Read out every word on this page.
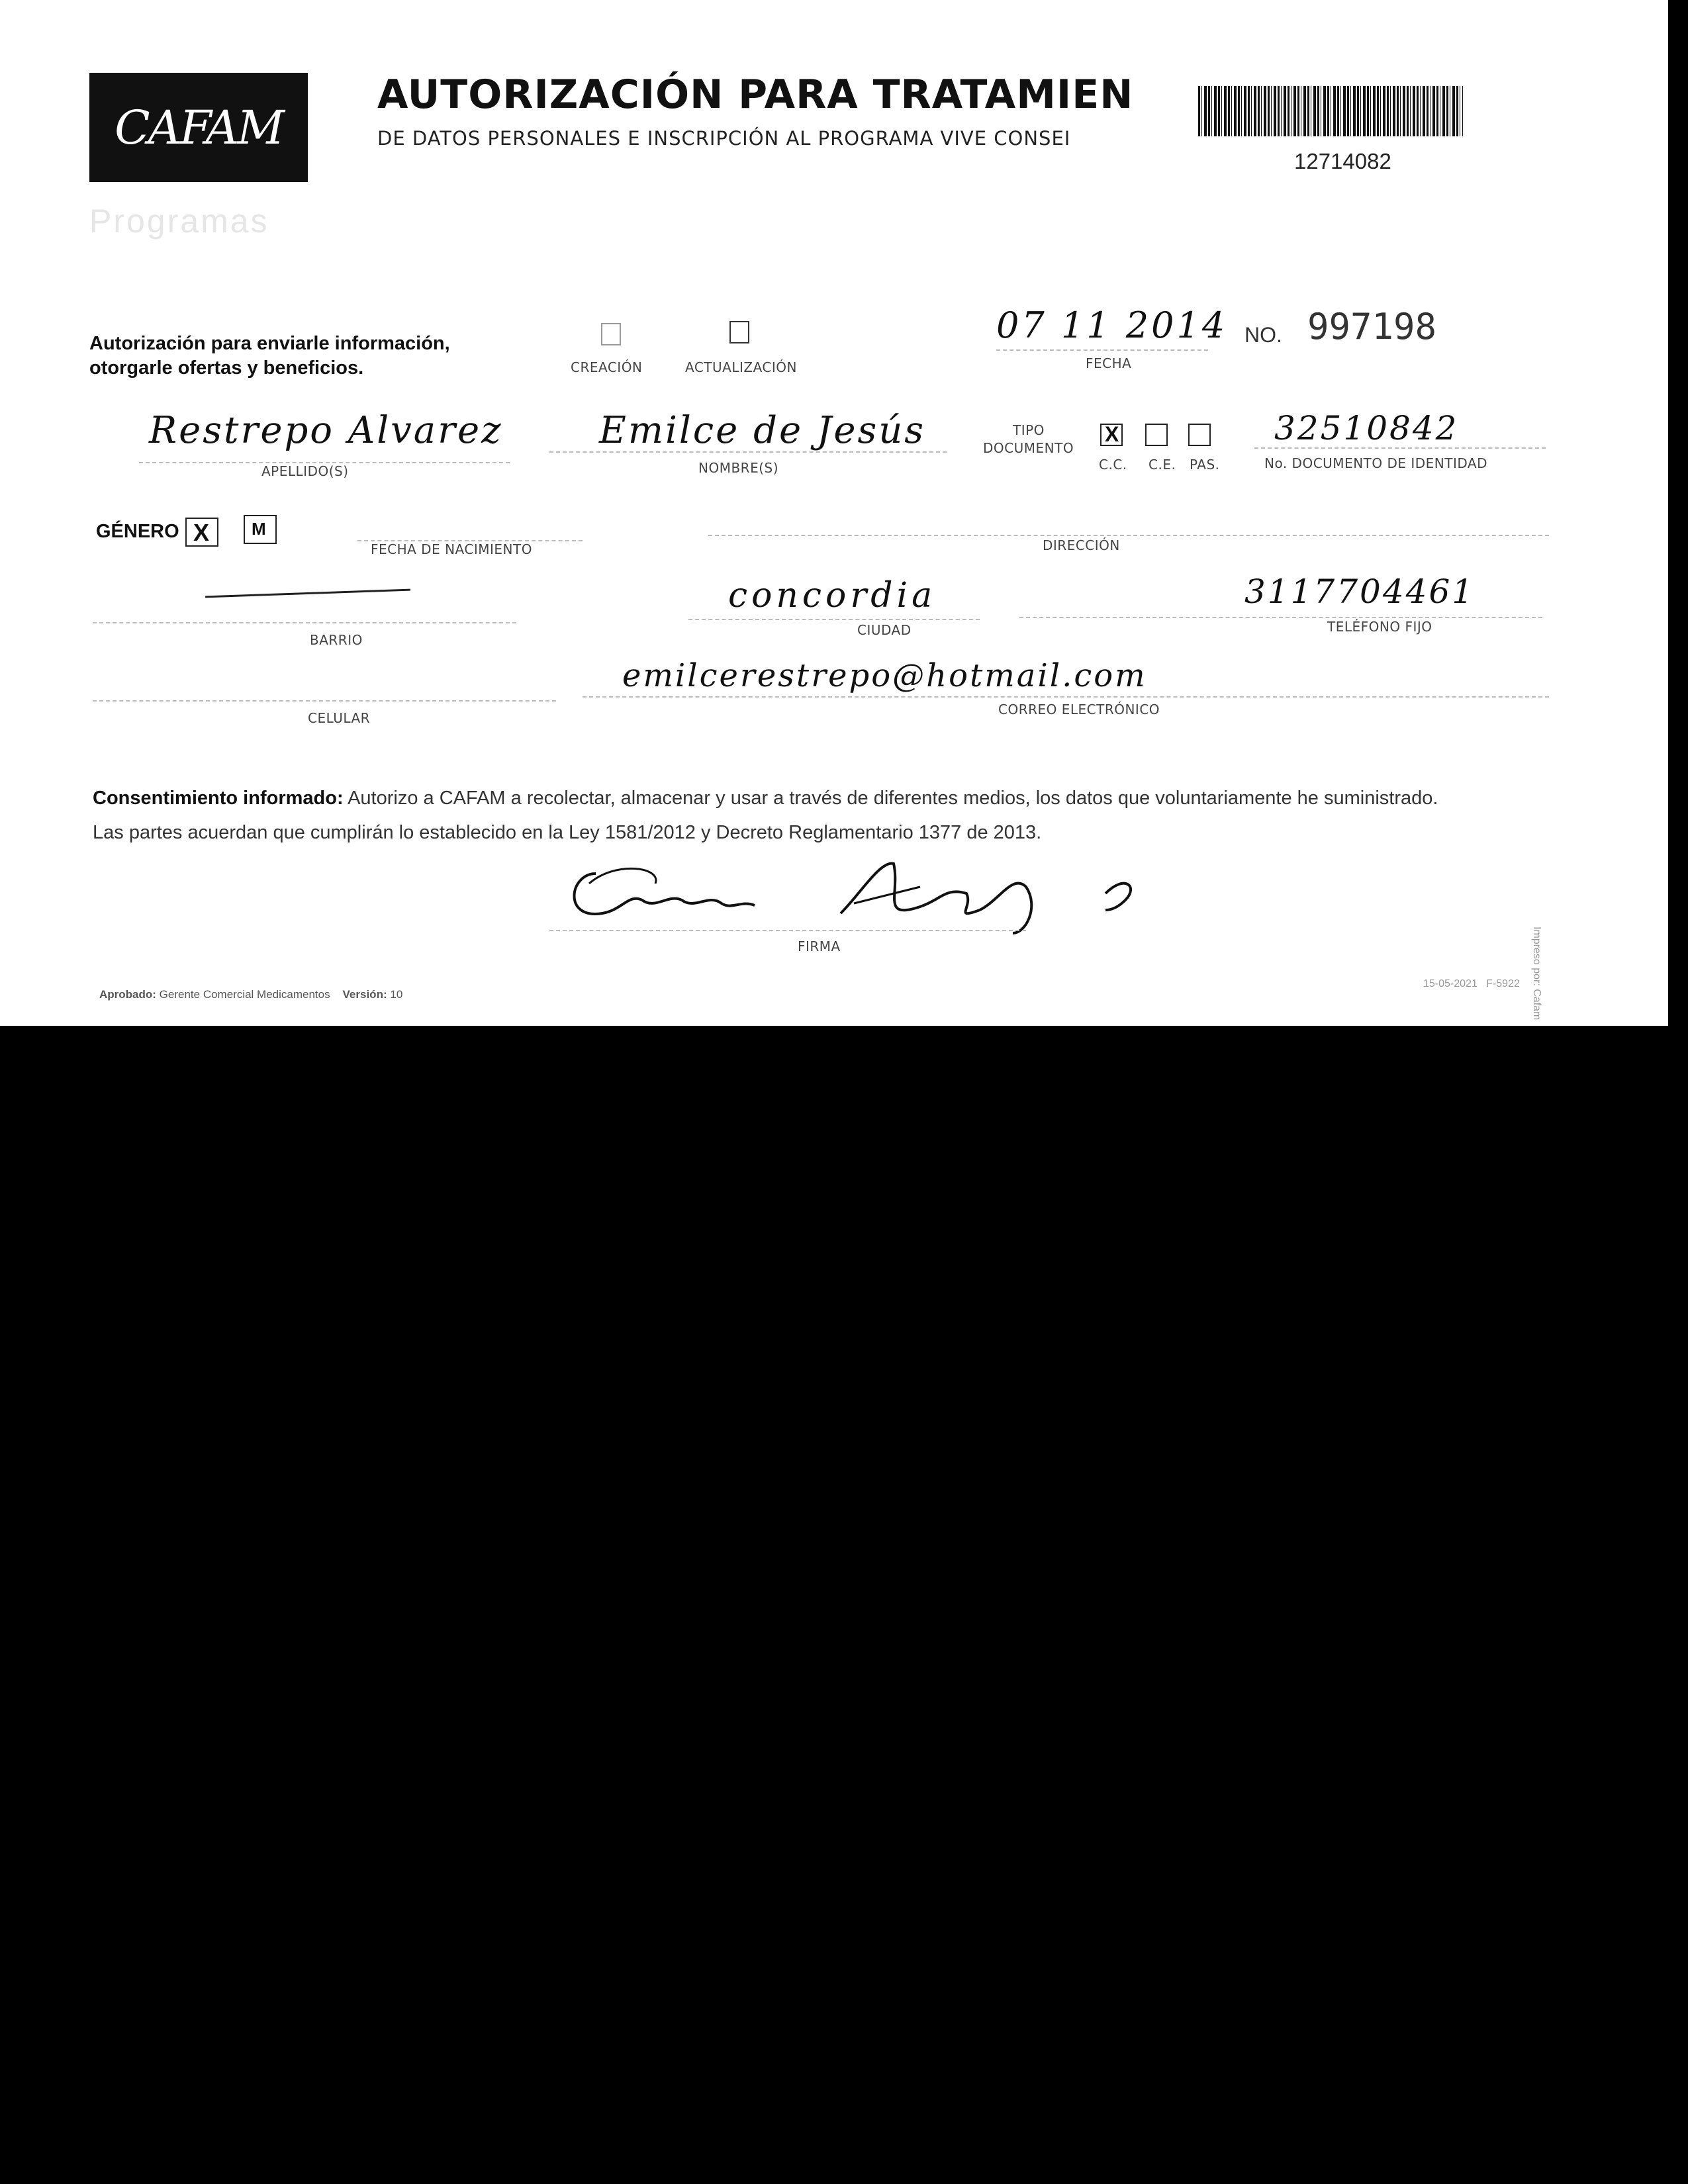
CAFAM
AUTORIZACIÓN PARA TRATAMIEN
DE DATOS PERSONALES E INSCRIPCIÓN AL PROGRAMA VIVE CONSEI
12714082
Programas
Autorización para enviarle información,
otorgarle ofertas y beneficios.	CREACIÓN	ACTUALIZACIÓN
07 11 2014
FECHA
NO. 997198
Restrepo Alvarez
APELLIDO(S)
Emilce de Jesús
NOMBRE(S)
TIPO
DOCUMENTO
X
C.C. C.E. PAS.
32510842
No. DOCUMENTO DE IDENTIDAD
GÉNERO X M
FECHA DE NACIMIENTO	DIRECCIÓN
BARRIO
concordia
CIUDAD
3117704461
TELÉFONO FIJO
CELULAR
emilcerestrepo@hotmail.com
CORREO ELECTRÓNICO
Consentimiento informado: Autorizo a CAFAM a recolectar, almacenar y usar a través de diferentes medios, los datos que voluntariamente he suministrado.
Las partes acuerdan que cumplirán lo establecido en la Ley 1581/2012 y Decreto Reglamentario 1377 de 2013.
FIRMA
Aprobado: Gerente Comercial Medicamentos Versión: 10
15-05-2021   F-5922 Impreso por: Cafam
